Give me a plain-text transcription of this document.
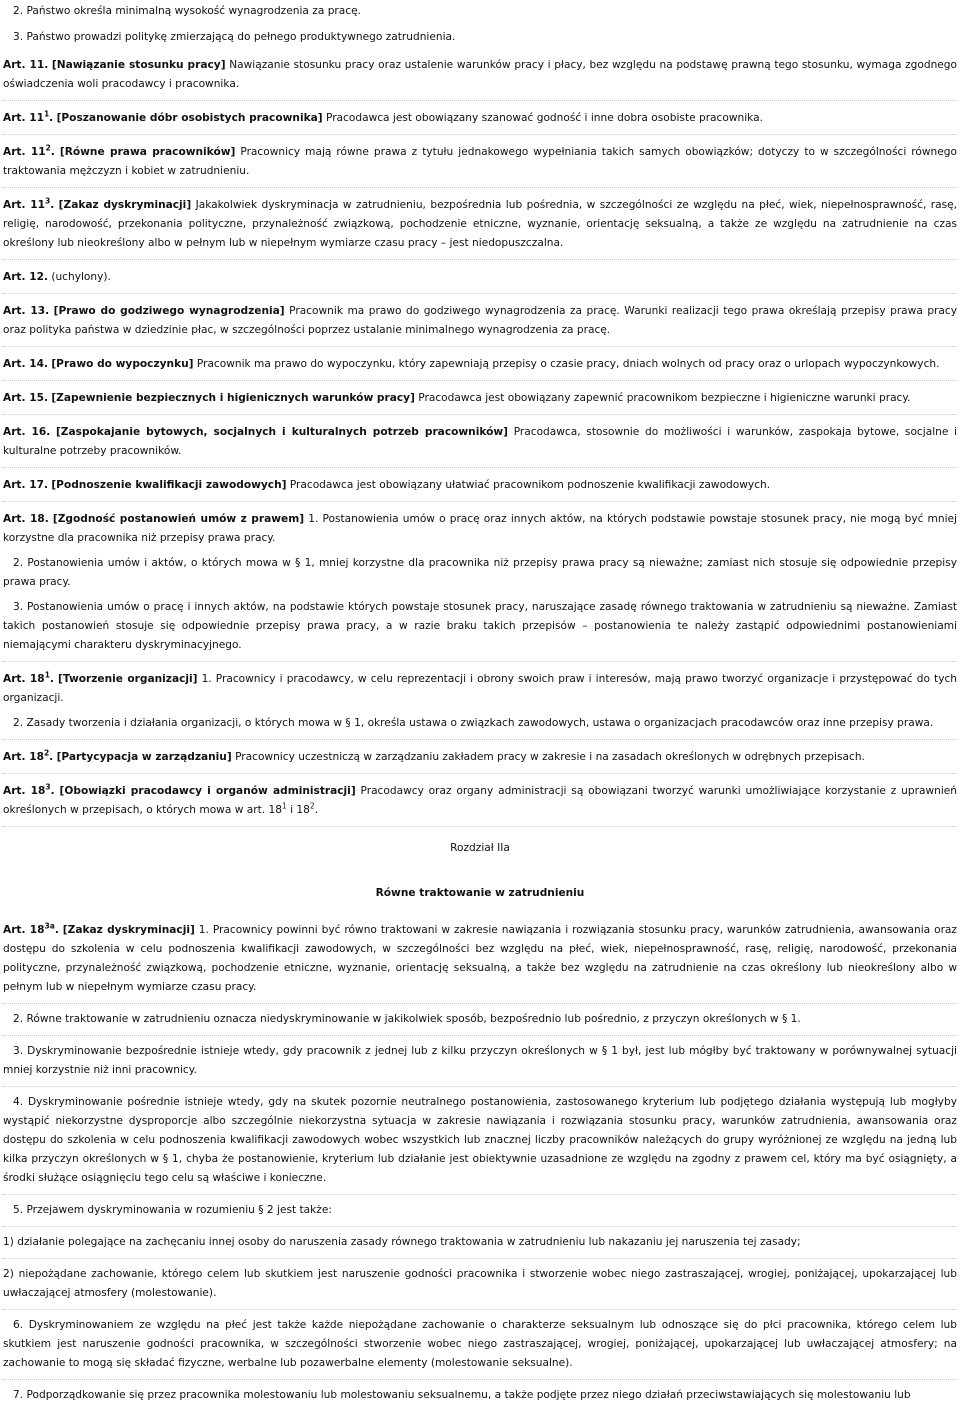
2. Państwo określa minimalną wysokość wynagrodzenia za pracę.

3. Państwo prowadzi politykę zmierzającą do pełnego produktywnego zatrudnienia.

Art. 11. [Nawiązanie stosunku pracy] Nawiązanie stosunku pracy oraz ustalenie warunków pracy i płacy, bez względu na podstawę prawną tego stosunku, wymaga zgodnego oświadczenia woli pracodawcy i pracownika.

Art. $11^1$. [Poszanowanie dóbr osobistych pracownika] Pracodawca jest obowiązany szanować godność i inne dobra osobiste pracownika.

Art. $11^2$. [Równe prawa pracowników] Pracownicy mają równe prawa z tytułu jednakowego wypełniania takich samych obowiązków; dotyczy to w szczególności równego traktowania mężczyzn i kobiet w zatrudnieniu.

Art. $11^3$. [Zakaz dyskryminacji] Jakakolwiek dyskryminacja w zatrudnieniu, bezpośrednia lub pośrednia, w szczególności ze względu na płeć, wiek, niepełnosprawność, rasę, religię, narodowość, przekonania polityczne, przynależność związkową, pochodzenie etniczne, wyznanie, orientację seksualną, a także ze względu na zatrudnienie na czas określony lub nieokreślony albo w pełnym lub w niepełnym wymiarze czasu pracy – jest niedopuszczalna.

Art. 12. (uchylony).

Art. 13. [Prawo do godziwego wynagrodzenia] Pracownik ma prawo do godziwego wynagrodzenia za pracę. Warunki realizacji tego prawa określają przepisy prawa pracy oraz polityka państwa w dziedzinie płac, w szczególności poprzez ustalanie minimalnego wynagrodzenia za pracę.

Art. 14. [Prawo do wypoczynku] Pracownik ma prawo do wypoczynku, który zapewniają przepisy o czasie pracy, dniach wolnych od pracy oraz o urlopach wypoczynkowych.

Art. 15. [Zapewnienie bezpiecznych i higienicznych warunków pracy] Pracodawca jest obowiązany zapewnić pracownikom bezpieczne i higieniczne warunki pracy.

Art. 16. [Zaspokajanie bytowych, socjalnych i kulturalnych potrzeb pracowników] Pracodawca, stosownie do możliwości i warunków, zaspokaja bytowe, socjalne i kulturalne potrzeby pracowników.

Art. 17. [Podnoszenie kwalifikacji zawodowych] Pracodawca jest obowiązany ułatwiać pracownikom podnoszenie kwalifikacji zawodowych.

Art. 18. [Zgodność postanowień umów z prawem] 1. Postanowienia umów o pracę oraz innych aktów, na których podstawie powstaje stosunek pracy, nie mogą być mniej korzystne dla pracownika niż przepisy prawa pracy.

2. Postanowienia umów i aktów, o których mowa w § 1, mniej korzystne dla pracownika niż przepisy prawa pracy są nieważne; zamiast nich stosuje się odpowiednie przepisy prawa pracy.

3. Postanowienia umów o pracę i innych aktów, na podstawie których powstaje stosunek pracy, naruszające zasadę równego traktowania w zatrudnieniu są nieważne. Zamiast takich postanowień stosuje się odpowiednie przepisy prawa pracy, a w razie braku takich przepisów – postanowienia te należy zastąpić odpowiednimi postanowieniami niemającymi charakteru dyskryminacyjnego.

Art. $18^1$. [Tworzenie organizacji] 1. Pracownicy i pracodawcy, w celu reprezentacji i obrony swoich praw i interesów, mają prawo tworzyć organizacje i przystępować do tych organizacji.

2. Zasady tworzenia i działania organizacji, o których mowa w § 1, określa ustawa o związkach zawodowych, ustawa o organizacjach pracodawców oraz inne przepisy prawa.

Art. $18^2$. [Partycypacja w zarządzaniu] Pracownicy uczestniczą w zarządzaniu zakładem pracy w zakresie i na zasadach określonych w odrębnych przepisach.

Art. $18^3$. [Obowiązki pracodawcy i organów administracji] Pracodawcy oraz organy administracji są obowiązani tworzyć warunki umożliwiające korzystanie z uprawnień określonych w przepisach, o których mowa w art. $18^1$ i $18^2$.

Rozdział IIa
Równe traktowanie w zatrudnieniu

Art. $18^{3a}$. [Zakaz dyskryminacji] 1. Pracownicy powinni być równo traktowani w zakresie nawiązania i rozwiązania stosunku pracy, warunków zatrudnienia, awansowania oraz dostępu do szkolenia w celu podnoszenia kwalifikacji zawodowych, w szczególności bez względu na płeć, wiek, niepełnosprawność, rasę, religię, narodowość, przekonania polityczne, przynależność związkową, pochodzenie etniczne, wyznanie, orientację seksualną, a także bez względu na zatrudnienie na czas określony lub nieokreślony albo w pełnym lub w niepełnym wymiarze czasu pracy.

2. Równe traktowanie w zatrudnieniu oznacza niedyskryminowanie w jakikolwiek sposób, bezpośrednio lub pośrednio, z przyczyn określonych w § 1.

3. Dyskryminowanie bezpośrednie istnieje wtedy, gdy pracownik z jednej lub z kilku przyczyn określonych w § 1 był, jest lub mógłby być traktowany w porównywalnej sytuacji mniej korzystnie niż inni pracownicy.

4. Dyskryminowanie pośrednie istnieje wtedy, gdy na skutek pozornie neutralnego postanowienia, zastosowanego kryterium lub podjętego działania występują lub mogłyby wystąpić niekorzystne dysproporcje albo szczególnie niekorzystna sytuacja w zakresie nawiązania i rozwiązania stosunku pracy, warunków zatrudnienia, awansowania oraz dostępu do szkolenia w celu podnoszenia kwalifikacji zawodowych wobec wszystkich lub znacznej liczby pracowników należących do grupy wyróżnionej ze względu na jedną lub kilka przyczyn określonych w § 1, chyba że postanowienie, kryterium lub działanie jest obiektywnie uzasadnione ze względu na zgodny z prawem cel, który ma być osiągnięty, a środki służące osiągnięciu tego celu są właściwe i konieczne.

5. Przejawem dyskryminowania w rozumieniu § 2 jest także:

1) działanie polegające na zachęcaniu innej osoby do naruszenia zasady równego traktowania w zatrudnieniu lub nakazaniu jej naruszenia tej zasady;

2) niepożądane zachowanie, którego celem lub skutkiem jest naruszenie godności pracownika i stworzenie wobec niego zastraszającej, wrogiej, poniżającej, upokarzającej lub uwłaczającej atmosfery (molestowanie).

6. Dyskryminowaniem ze względu na płeć jest także każde niepożądane zachowanie o charakterze seksualnym lub odnoszące się do płci pracownika, którego celem lub skutkiem jest naruszenie godności pracownika, w szczególności stworzenie wobec niego zastraszającej, wrogiej, poniżającej, upokarzającej lub uwłaczającej atmosfery; na zachowanie to mogą się składać fizyczne, werbalne lub pozawerbalne elementy (molestowanie seksualne).

7. Podporządkowanie się przez pracownika molestowaniu lub molestowaniu seksualnemu, a także podjęte przez niego działań przeciwstawiających się molestowaniu lub
